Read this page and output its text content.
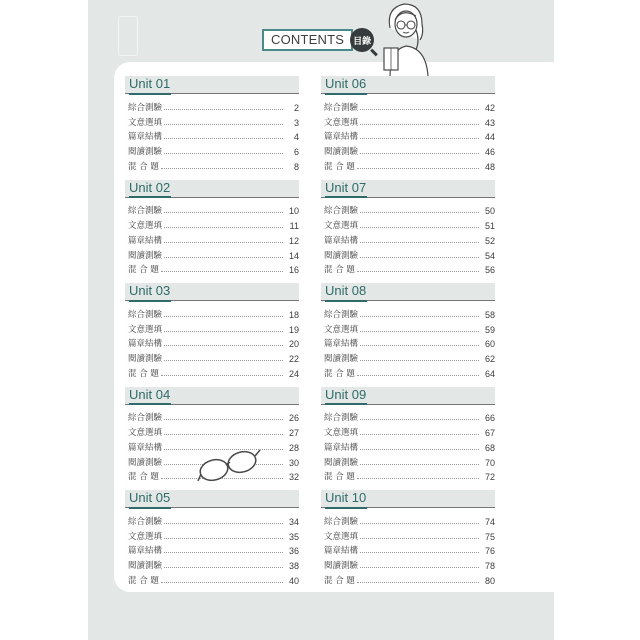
CONTENTS 目錄
Unit 01
綜合測驗	2
文意選填	3
篇章結構	4
閱讀測驗	6
混 合 題	8
Unit 02
綜合測驗	10
文意選填	11
篇章結構	12
閱讀測驗	14
混 合 題	16
Unit 03
綜合測驗	18
文意選填	19
篇章結構	20
閱讀測驗	22
混 合 題	24
Unit 04
綜合測驗	26
文意選填	27
篇章結構	28
閱讀測驗	30
混 合 題	32
Unit 05
綜合測驗	34
文意選填	35
篇章結構	36
閱讀測驗	38
混 合 題	40
Unit 06
綜合測驗	42
文意選填	43
篇章結構	44
閱讀測驗	46
混 合 題	48
Unit 07
綜合測驗	50
文意選填	51
篇章結構	52
閱讀測驗	54
混 合 題	56
Unit 08
綜合測驗	58
文意選填	59
篇章結構	60
閱讀測驗	62
混 合 題	64
Unit 09
綜合測驗	66
文意選填	67
篇章結構	68
閱讀測驗	70
混 合 題	72
Unit 10
綜合測驗	74
文意選填	75
篇章結構	76
閱讀測驗	78
混 合 題	80
